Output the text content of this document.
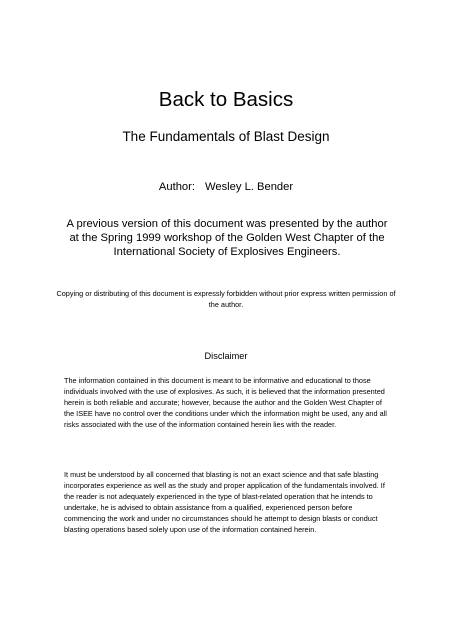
Back to Basics
The Fundamentals of Blast Design
Author: Wesley L. Bender
A previous version of this document was presented by the author at the Spring 1999 workshop of the Golden West Chapter of the International Society of Explosives Engineers.
Copying or distributing of this document is expressly forbidden without prior express written permission of the author.
Disclaimer
The information contained in this document is meant to be informative and educational to those individuals involved with the use of explosives. As such, it is believed that the information presented herein is both reliable and accurate; however, because the author and the Golden West Chapter of the ISEE have no control over the conditions under which the information might be used, any and all risks associated with the use of the information contained herein lies with the reader.
It must be understood by all concerned that blasting is not an exact science and that safe blasting incorporates experience as well as the study and proper application of the fundamentals involved. If the reader is not adequately experienced in the type of blast-related operation that he intends to undertake, he is advised to obtain assistance from a qualified, experienced person before commencing the work and under no circumstances should he attempt to design blasts or conduct blasting operations based solely upon use of the information contained herein.
